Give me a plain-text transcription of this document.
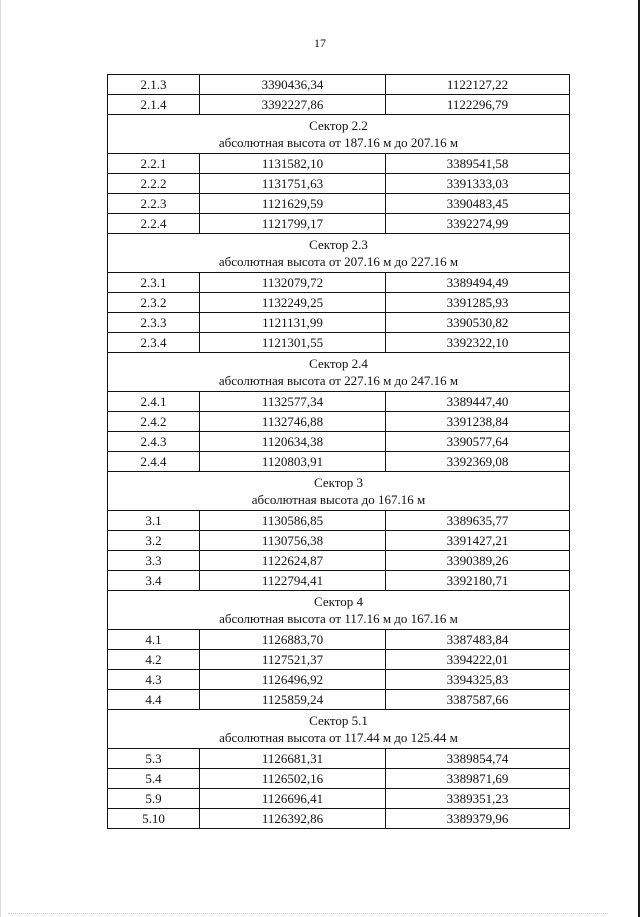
17
2.1.3	3390436,34	1122127,22
2.1.4	3392227,86	1122296,79

Сектор 2.2
абсолютная высота от 187.16 м до 207.16 м		

2.2.1	1131582,10	3389541,58
2.2.2	1131751,63	3391333,03
2.2.3	1121629,59	3390483,45
2.2.4	1121799,17	3392274,99

Сектор 2.3
абсолютная высота от 207.16 м до 227.16 м		

2.3.1	1132079,72	3389494,49
2.3.2	1132249,25	3391285,93
2.3.3	1121131,99	3390530,82
2.3.4	1121301,55	3392322,10

Сектор 2.4
абсолютная высота от 227.16 м до 247.16 м		

2.4.1	1132577,34	3389447,40
2.4.2	1132746,88	3391238,84
2.4.3	1120634,38	3390577,64
2.4.4	1120803,91	3392369,08

Сектор 3
абсолютная высота до 167.16 м		

3.1	1130586,85	3389635,77
3.2	1130756,38	3391427,21
3.3	1122624,87	3390389,26
3.4	1122794,41	3392180,71

Сектор 4
абсолютная высота от 117.16 м до 167.16 м		

4.1	1126883,70	3387483,84
4.2	1127521,37	3394222,01
4.3	1126496,92	3394325,83
4.4	1125859,24	3387587,66

Сектор 5.1
абсолютная высота от 117.44 м до 125.44 м		

5.3	1126681,31	3389854,74
5.4	1126502,16	3389871,69
5.9	1126696,41	3389351,23
5.10	1126392,86	3389379,96
